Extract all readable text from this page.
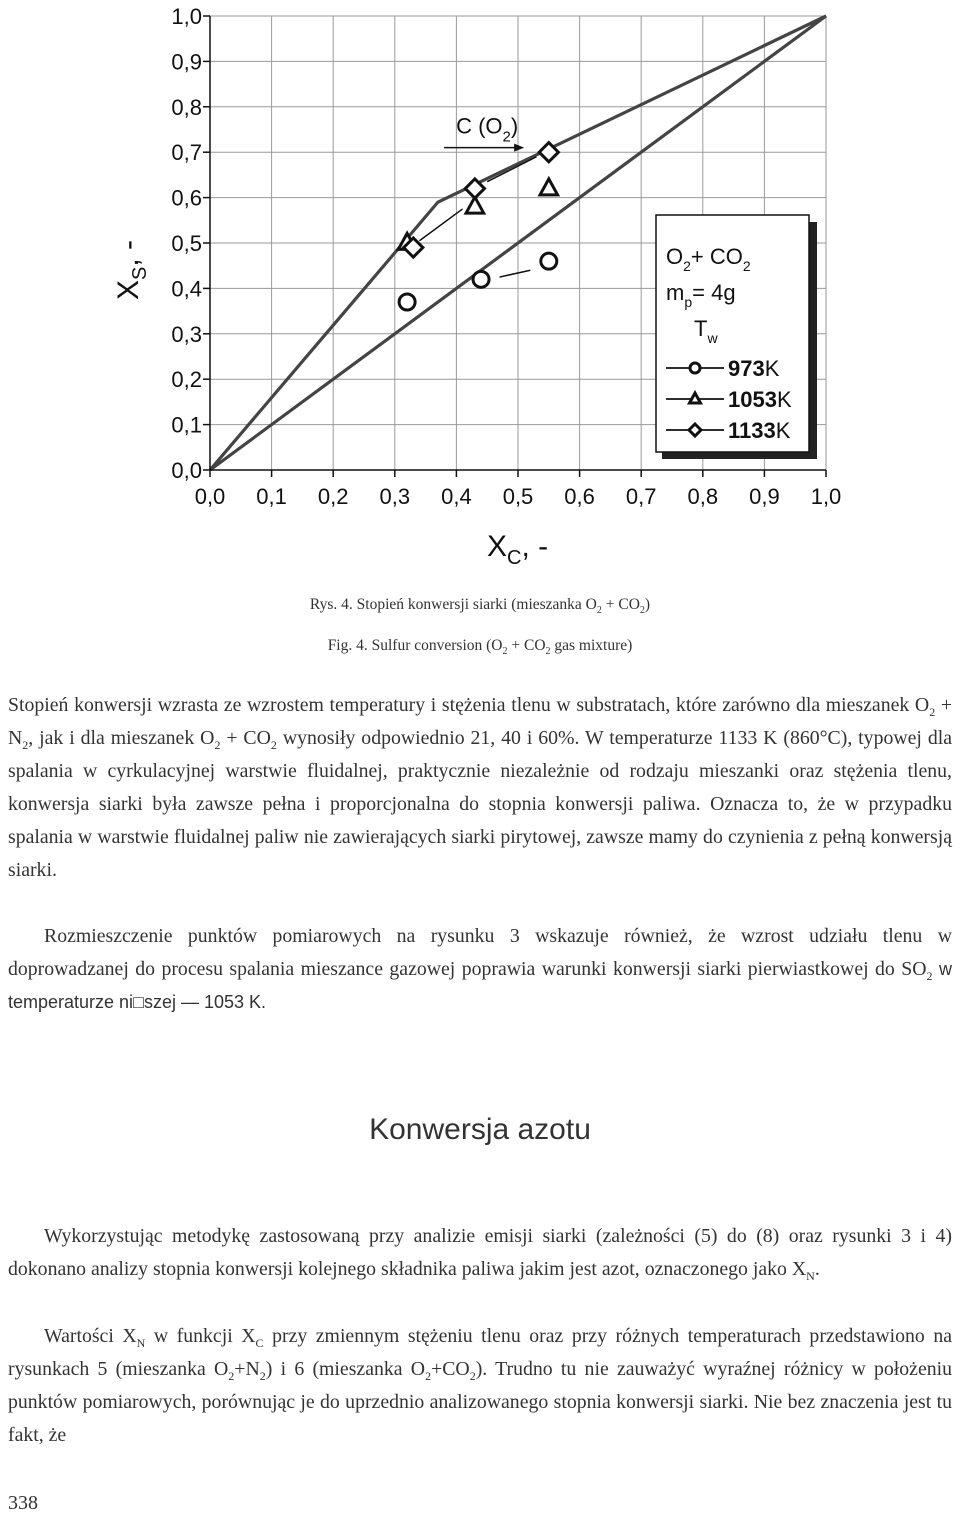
0,0
0,0
0,1
0,1
0,2
0,2
0,3
0,3
0,4
0,4
0,5
0,5
0,6
0,6
0,7
0,7
0,8
0,8
0,9
0,9
1,0
1,0
C $(O_2)$
$X_C$, -
$X_S$, -	$O_2+ CO_2$
$m_p= 4g$
$T_w$
973K
1053K
1133K
Rys. 4. Stopień konwersji siarki (mieszanka $O_2 + CO_2$)
Fig. 4. Sulfur conversion ($O_2 + CO_2$ gas mixture)

Stopień konwersji wzrasta ze wzrostem temperatury i stężenia tlenu w substratach, które zarówno dla mieszanek $O_2 + N_2$, jak i dla mieszanek $O_2 + CO_2$ wynosiły odpowiednio 21, 40 i 60%. W temperaturze 1133 K (860°C), typowej dla spalania w cyrkulacyjnej warstwie fluidalnej, praktycznie niezależnie od rodzaju mieszanki oraz stężenia tlenu, konwersja siarki była zawsze pełna i proporcjonalna do stopnia konwersji paliwa. Oznacza to, że w przypadku spalania w warstwie fluidalnej paliw nie zawierających siarki pirytowej, zawsze mamy do czynienia z pełną konwersją siarki.

Rozmieszczenie punktów pomiarowych na rysunku 3 wskazuje również, że wzrost udziału tlenu w doprowadzanej do procesu spalania mieszance gazowej poprawia warunki konwersji siarki pierwiastkowej do $SO_2$ w temperaturze ni□szej — 1053 K.

Konwersja azotu

Wykorzystując metodykę zastosowaną przy analizie emisji siarki (zależności (5) do (8) oraz rysunki 3 i 4) dokonano analizy stopnia konwersji kolejnego składnika paliwa jakim jest azot, oznaczonego jako $X_N$.

Wartości $X_N$ w funkcji $X_C$ przy zmiennym stężeniu tlenu oraz przy różnych temperaturach przedstawiono na rysunkach 5 (mieszanka $O_2+N_2$) i 6 (mieszanka $O_2+CO_2$). Trudno tu nie zauważyć wyraźnej różnicy w położeniu punktów pomiarowych, porównując je do uprzednio analizowanego stopnia konwersji siarki. Nie bez znaczenia jest tu fakt, że

338
